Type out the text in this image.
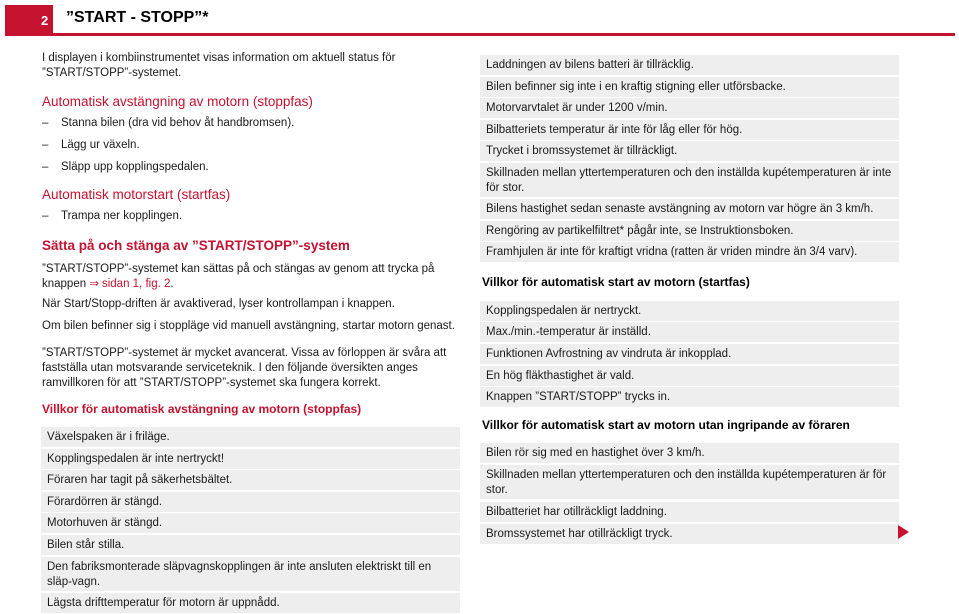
2 ”START - STOPP”*
I displayen i kombiinstrumentet visas information om aktuell status för ”START/STOPP”-systemet.
Automatisk avstängning av motorn (stoppfas)
– Stanna bilen (dra vid behov åt handbromsen).
– Lägg ur växeln.
– Släpp upp kopplingspedalen.
Automatisk motorstart (startfas)
– Trampa ner kopplingen.
Sätta på och stänga av ”START/STOPP”-system
”START/STOPP”-systemet kan sättas på och stängas av genom att trycka på knappen ⇒ sidan 1, fig. 2.
När Start/Stopp-driften är avaktiverad, lyser kontrollampan i knappen.
Om bilen befinner sig i stoppläge vid manuell avstängning, startar motorn genast.
”START/STOPP”-systemet är mycket avancerat. Vissa av förloppen är svåra att fastställa utan motsvarande serviceteknik. I den följande översikten anges ramvillkoren för att ”START/STOPP”-systemet ska fungera korrekt.
Villkor för automatisk avstängning av motorn (stoppfas)
Växelspaken är i friläge.
Kopplingspedalen är inte nertryckt!
Föraren har tagit på säkerhetsbältet.
Förardörren är stängd.
Motorhuven är stängd.
Bilen står stilla.
Den fabriksmonterade släpvagnskopplingen är inte ansluten elektriskt till en släp-vagn.
Lägsta drifttemperatur för motorn är uppnådd.
Laddningen av bilens batteri är tillräcklig.
Bilen befinner sig inte i en kraftig stigning eller utförsbacke.
Motorvarvtalet är under 1200 v/min.
Bilbatteriets temperatur är inte för låg eller för hög.
Trycket i bromssystemet är tillräckligt.
Skillnaden mellan yttertemperaturen och den inställda kupétemperaturen är inte för stor.
Bilens hastighet sedan senaste avstängning av motorn var högre än 3 km/h.
Rengöring av partikelfiltret* pågår inte, se Instruktionsboken.
Framhjulen är inte för kraftigt vridna (ratten är vriden mindre än 3/4 varv).
Villkor för automatisk start av motorn (startfas)
Kopplingspedalen är nertryckt.
Max./min.-temperatur är inställd.
Funktionen Avfrostning av vindruta är inkopplad.
En hög fläkthastighet är vald.
Knappen ”START/STOPP” trycks in.
Villkor för automatisk start av motorn utan ingripande av föraren
Bilen rör sig med en hastighet över 3 km/h.
Skillnaden mellan yttertemperaturen och den inställda kupétemperaturen är för stor.
Bilbatteriet har otillräckligt laddning.
Bromssystemet har otillräckligt tryck.
